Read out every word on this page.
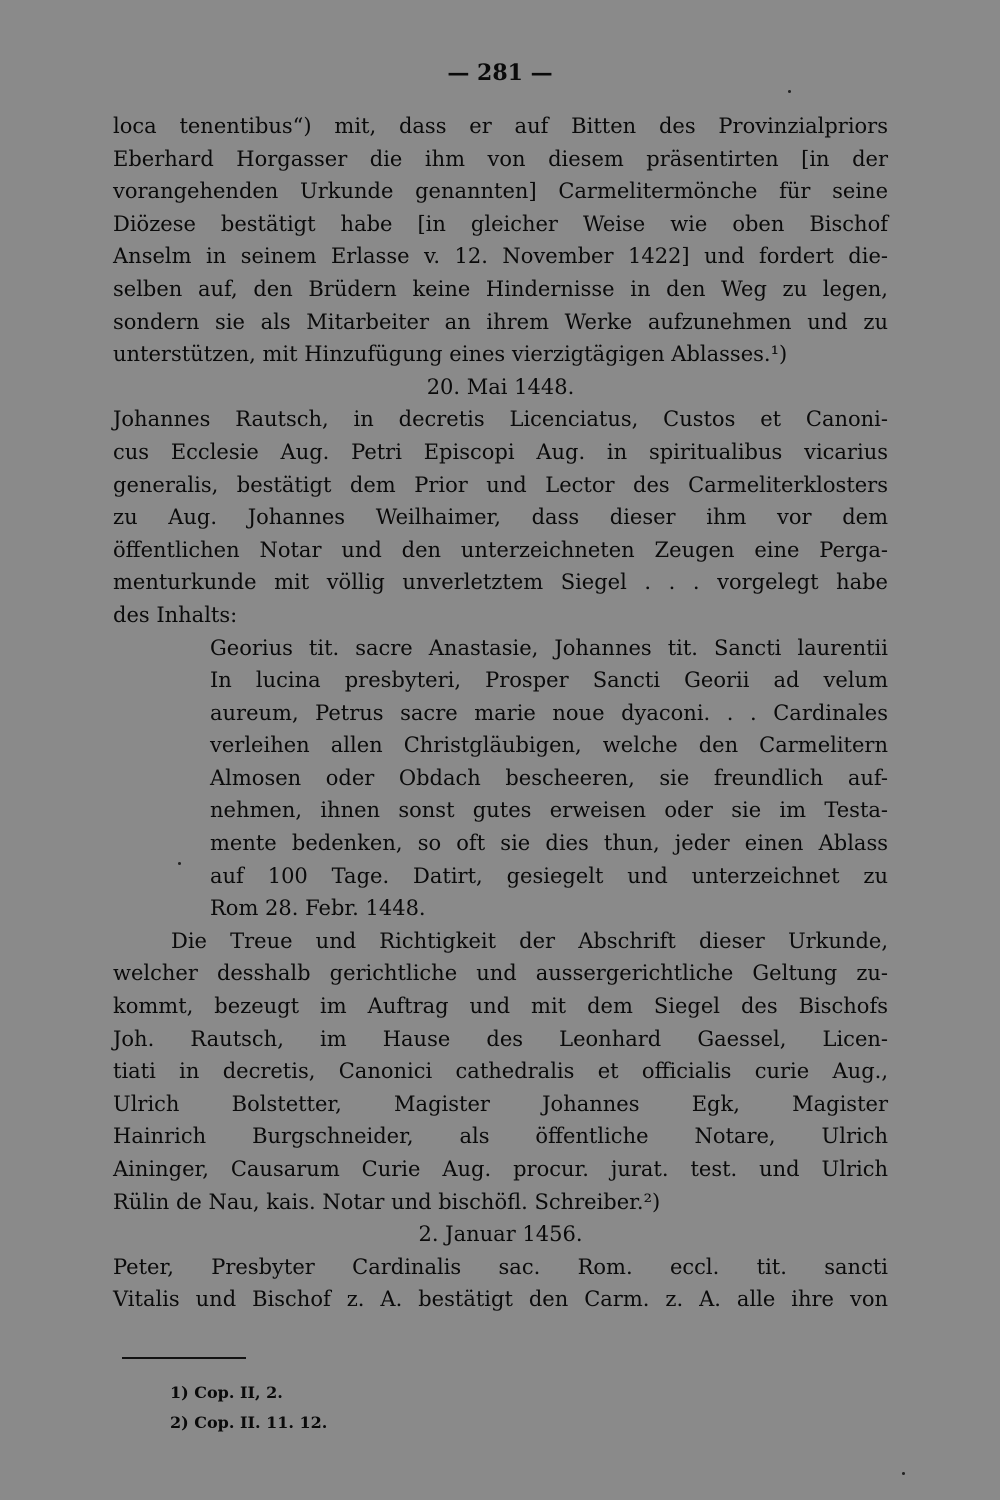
— 281 —
loca tenentibus“) mit, dass er auf Bitten des Provinzialpriors
Eberhard Horgasser die ihm von diesem präsentirten [in der
vorangehenden Urkunde genannten] Carmelitermönche für seine
Diözese bestätigt habe [in gleicher Weise wie oben Bischof
Anselm in seinem Erlasse v. 12. November 1422] und fordert die-
selben auf, den Brüdern keine Hindernisse in den Weg zu legen,
sondern sie als Mitarbeiter an ihrem Werke aufzunehmen und zu
unterstützen, mit Hinzufügung eines vierzigtägigen Ablasses.¹)
20. Mai 1448.
Johannes Rautsch, in decretis Licenciatus, Custos et Canoni-
cus Ecclesie Aug. Petri Episcopi Aug. in spiritualibus vicarius
generalis, bestätigt dem Prior und Lector des Carmeliterklosters
zu Aug. Johannes Weilhaimer, dass dieser ihm vor dem
öffentlichen Notar und den unterzeichneten Zeugen eine Perga-
menturkunde mit völlig unverletztem Siegel . . . vorgelegt habe
des Inhalts:
Georius tit. sacre Anastasie, Johannes tit. Sancti laurentii
In lucina presbyteri, Prosper Sancti Georii ad velum
aureum, Petrus sacre marie noue dyaconi. . . Cardinales
verleihen allen Christgläubigen, welche den Carmelitern
Almosen oder Obdach bescheeren, sie freundlich auf-
nehmen, ihnen sonst gutes erweisen oder sie im Testa-
mente bedenken, so oft sie dies thun, jeder einen Ablass
auf 100 Tage. Datirt, gesiegelt und unterzeichnet zu
Rom 28. Febr. 1448.
Die Treue und Richtigkeit der Abschrift dieser Urkunde,
welcher desshalb gerichtliche und aussergerichtliche Geltung zu-
kommt, bezeugt im Auftrag und mit dem Siegel des Bischofs
Joh. Rautsch, im Hause des Leonhard Gaessel, Licen-
tiati in decretis, Canonici cathedralis et officialis curie Aug.,
Ulrich Bolstetter, Magister Johannes Egk, Magister
Hainrich Burgschneider, als öffentliche Notare, Ulrich
Aininger, Causarum Curie Aug. procur. jurat. test. und Ulrich
Rülin de Nau, kais. Notar und bischöfl. Schreiber.²)
2. Januar 1456.
Peter, Presbyter Cardinalis sac. Rom. eccl. tit. sancti
Vitalis und Bischof z. A. bestätigt den Carm. z. A. alle ihre von
1) Cop. II, 2.
2) Cop. II. 11. 12.
